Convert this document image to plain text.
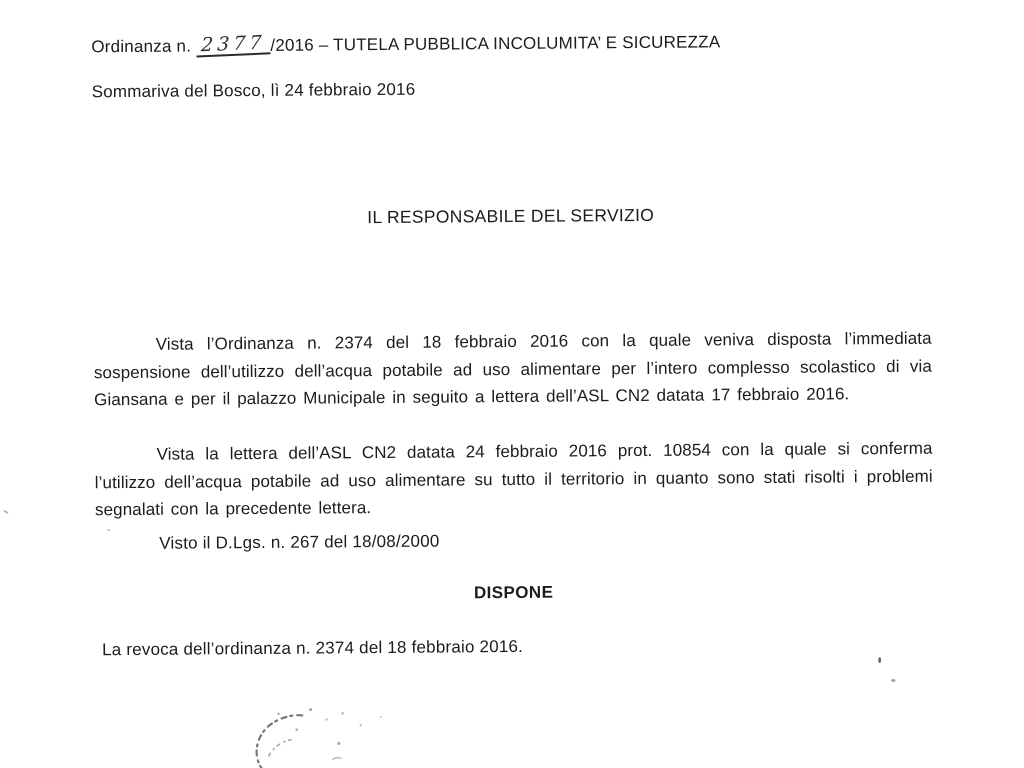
Ordinanza n. 2377 /2016 – TUTELA PUBBLICA INCOLUMITA’ E SICUREZZA
Sommariva del Bosco, lì 24 febbraio 2016
IL RESPONSABILE DEL SERVIZIO

Vista l’Ordinanza n. 2374 del 18 febbraio 2016 con la quale veniva disposta l’immediata sospensione dell’utilizzo dell’acqua potabile ad uso alimentare per l’intero complesso scolastico di via Giansana e per il palazzo Municipale in seguito a lettera dell’ASL CN2 datata 17 febbraio 2016.

Vista la lettera dell’ASL CN2 datata 24 febbraio 2016 prot. 10854 con la quale si conferma l’utilizzo dell’acqua potabile ad uso alimentare su tutto il territorio in quanto sono stati risolti i problemi segnalati con la precedente lettera.

Visto il D.Lgs. n. 267 del 18/08/2000
DISPONE
La revoca dell’ordinanza n. 2374 del 18 febbraio 2016.
